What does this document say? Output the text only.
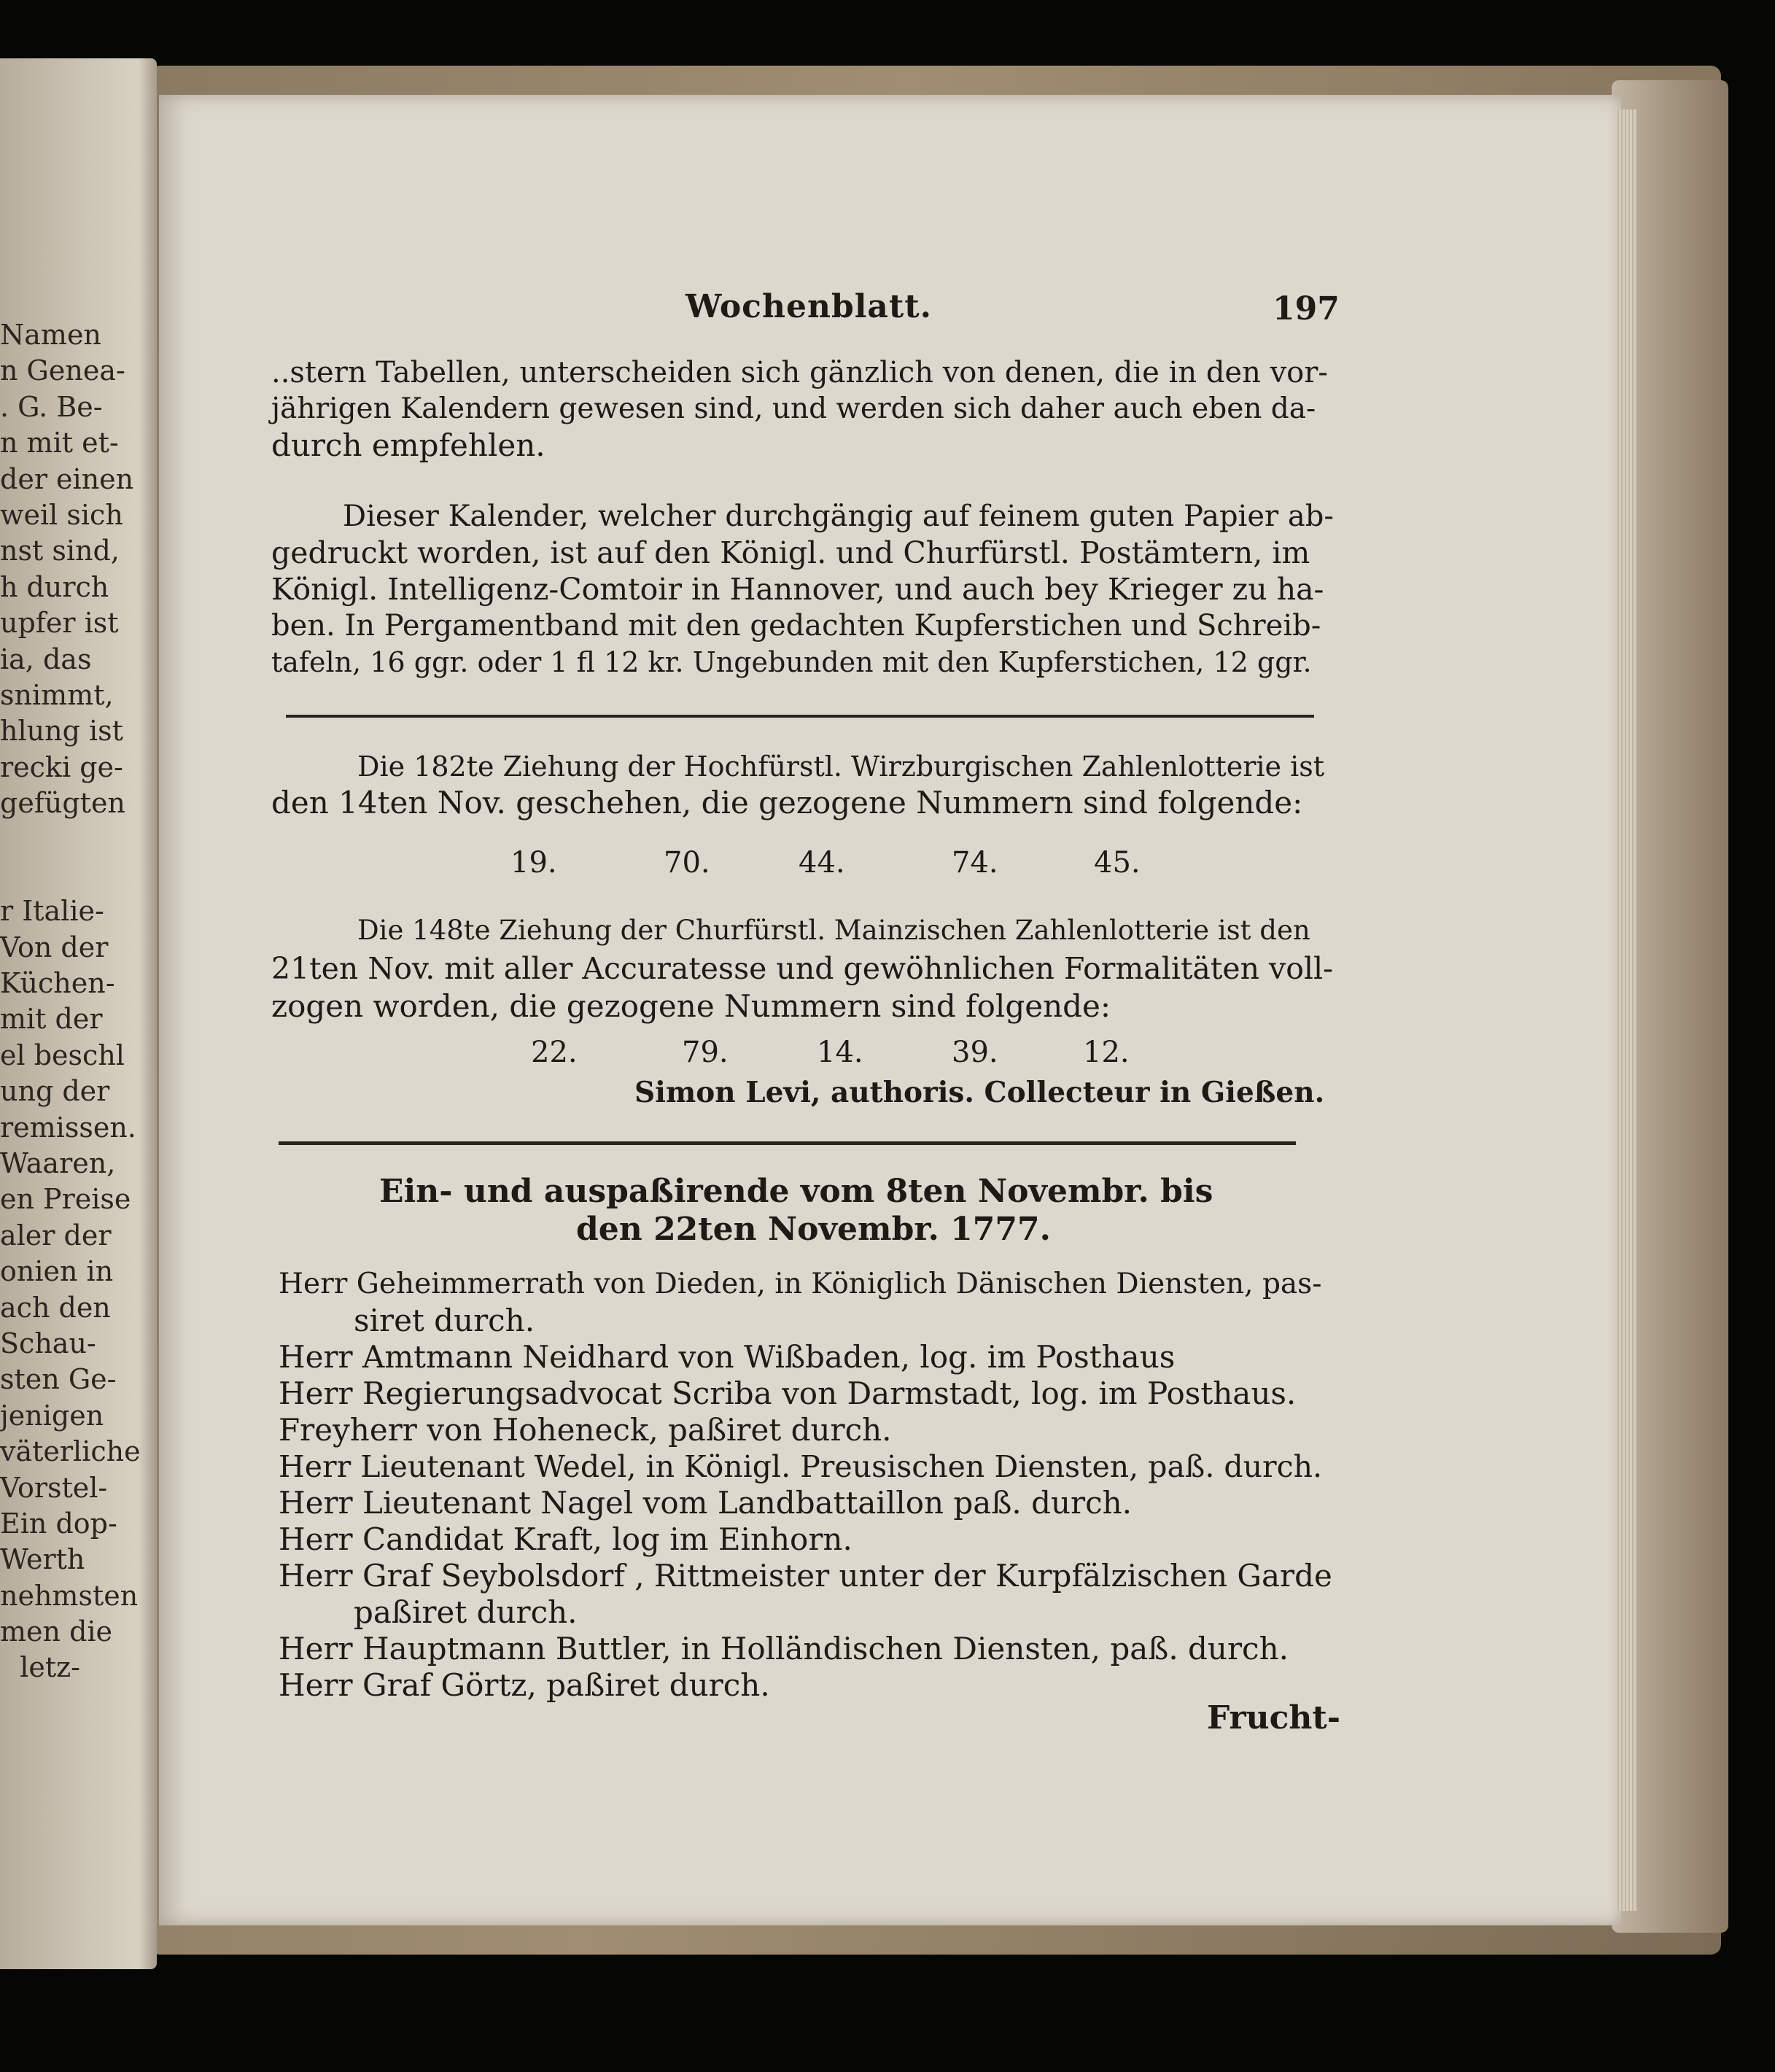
Namen
n Genea-
. G. Be-
n mit et-
der einen
weil sich
nst sind,
h durch
upfer ist
ia, das
snimmt,
hlung ist
recki ge-
gefügten
r Italie-
Von der
Küchen-
mit der
el beschl
ung der
remissen.
Waaren,
en Preise
aler der
onien in
ach den
Schau-
sten Ge-
jenigen
väterliche
Vorstel-
Ein dop-
Werth
nehmsten
men die
letz-
Wochenblatt.	197
..stern Tabellen, unterscheiden sich gänzlich von denen, die in den vor-
jährigen Kalendern gewesen sind, und werden sich daher auch eben da-
durch empfehlen.
Dieser Kalender, welcher durchgängig auf feinem guten Papier ab-
gedruckt worden, ist auf den Königl. und Churfürstl. Postämtern, im
Königl. Intelligenz-Comtoir in Hannover, und auch bey Krieger zu ha-
ben. In Pergamentband mit den gedachten Kupferstichen und Schreib-
tafeln, 16 ggr. oder 1 fl 12 kr. Ungebunden mit den Kupferstichen, 12 ggr.
Die 182te Ziehung der Hochfürstl. Wirzburgischen Zahlenlotterie ist
den 14ten Nov. geschehen, die gezogene Nummern sind folgende:
19.	70.	44.	74.	45.
Die 148te Ziehung der Churfürstl. Mainzischen Zahlenlotterie ist den
21ten Nov. mit aller Accuratesse und gewöhnlichen Formalitäten voll-
zogen worden, die gezogene Nummern sind folgende:
22.	79.	14.	39.	12.
Simon Levi, authoris. Collecteur in Gießen.
Ein- und auspaßirende vom 8ten Novembr. bis
den 22ten Novembr. 1777.
Herr Geheimmerrath von Dieden, in Königlich Dänischen Diensten, pas-
siret durch.
Herr Amtmann Neidhard von Wißbaden, log. im Posthaus
Herr Regierungsadvocat Scriba von Darmstadt, log. im Posthaus.
Freyherr von Hoheneck, paßiret durch.
Herr Lieutenant Wedel, in Königl. Preusischen Diensten, paß. durch.
Herr Lieutenant Nagel vom Landbattaillon paß. durch.
Herr Candidat Kraft, log im Einhorn.
Herr Graf Seybolsdorf , Rittmeister unter der Kurpfälzischen Garde
paßiret durch.
Herr Hauptmann Buttler, in Holländischen Diensten, paß. durch.
Herr Graf Görtz, paßiret durch.
Frucht-
